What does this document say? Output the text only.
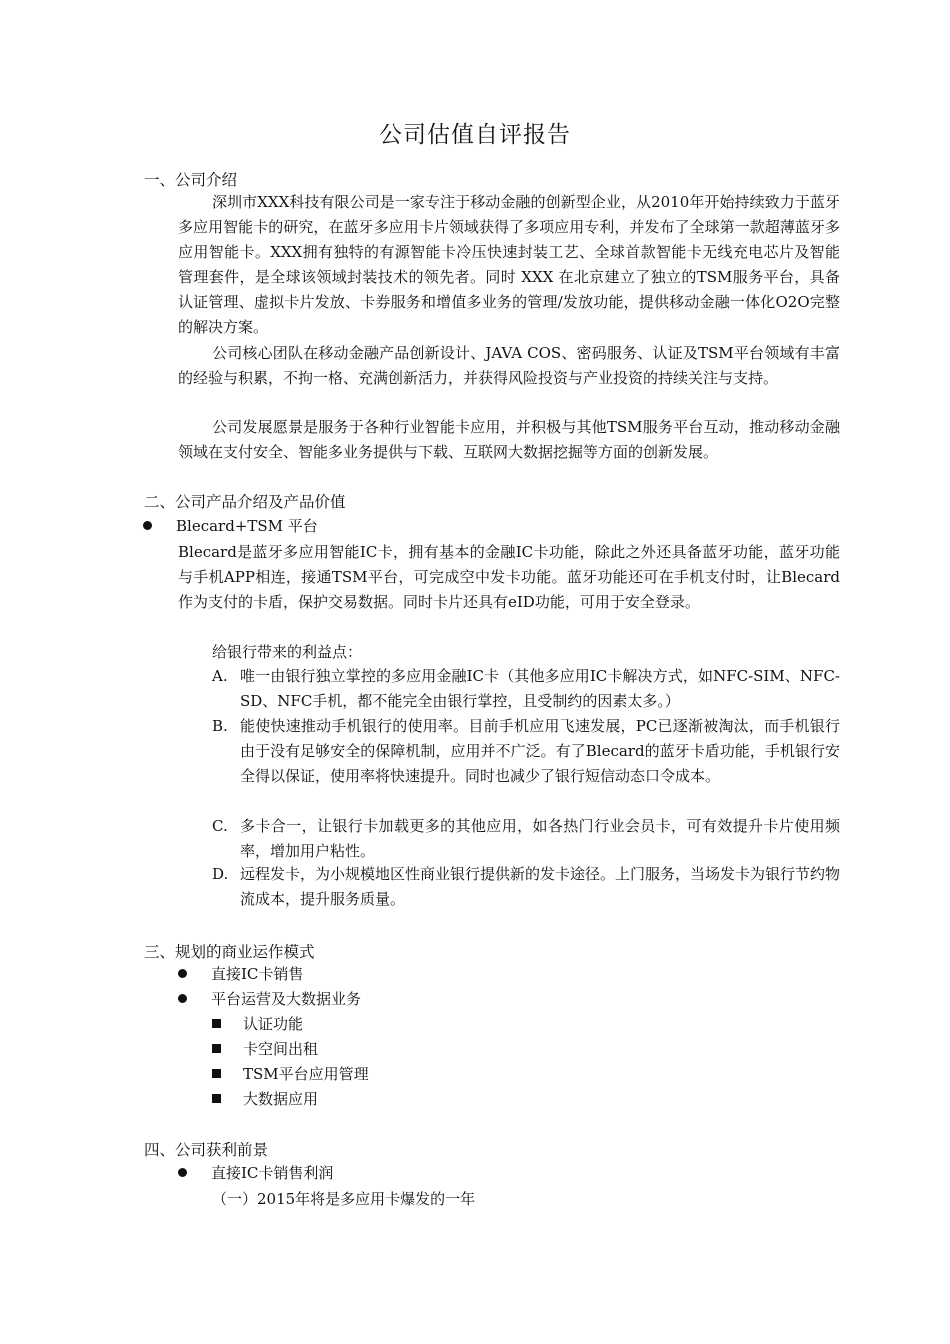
公司估值自评报告
一、公司介绍
深圳市XXX科技有限公司是一家专注于移动金融的创新型企业，从2010年开始持续致力于蓝牙多应用智能卡的研究，在蓝牙多应用卡片领域获得了多项应用专利，并发布了全球第一款超薄蓝牙多应用智能卡。XXX拥有独特的有源智能卡冷压快速封装工艺、全球首款智能卡无线充电芯片及智能管理套件，是全球该领域封装技术的领先者。同时 XXX 在北京建立了独立的TSM服务平台，具备认证管理、虚拟卡片发放、卡券服务和增值多业务的管理/发放功能，提供移动金融一体化O2O完整的解决方案。
公司核心团队在移动金融产品创新设计、JAVA COS、密码服务、认证及TSM平台领域有丰富的经验与积累，不拘一格、充满创新活力，并获得风险投资与产业投资的持续关注与支持。
公司发展愿景是服务于各种行业智能卡应用，并积极与其他TSM服务平台互动，推动移动金融领域在支付安全、智能多业务提供与下载、互联网大数据挖掘等方面的创新发展。
二、公司产品介绍及产品价值
Blecard+TSM 平台
Blecard是蓝牙多应用智能IC卡，拥有基本的金融IC卡功能，除此之外还具备蓝牙功能，蓝牙功能与手机APP相连，接通TSM平台，可完成空中发卡功能。蓝牙功能还可在手机支付时，让Blecard作为支付的卡盾，保护交易数据。同时卡片还具有eID功能，可用于安全登录。
给银行带来的利益点：
A. 唯一由银行独立掌控的多应用金融IC卡（其他多应用IC卡解决方式，如NFC-SIM、NFC-SD、NFC手机，都不能完全由银行掌控，且受制约的因素太多。）
B. 能使快速推动手机银行的使用率。目前手机应用飞速发展，PC已逐渐被淘汰，而手机银行由于没有足够安全的保障机制，应用并不广泛。有了Blecard的蓝牙卡盾功能，手机银行安全得以保证，使用率将快速提升。同时也减少了银行短信动态口令成本。
C. 多卡合一，让银行卡加载更多的其他应用，如各热门行业会员卡，可有效提升卡片使用频率，增加用户粘性。
D. 远程发卡，为小规模地区性商业银行提供新的发卡途径。上门服务，当场发卡为银行节约物流成本，提升服务质量。
三、规划的商业运作模式
直接IC卡销售
平台运营及大数据业务
认证功能
卡空间出租
TSM平台应用管理
大数据应用
四、公司获利前景
直接IC卡销售利润
（一）2015年将是多应用卡爆发的一年
